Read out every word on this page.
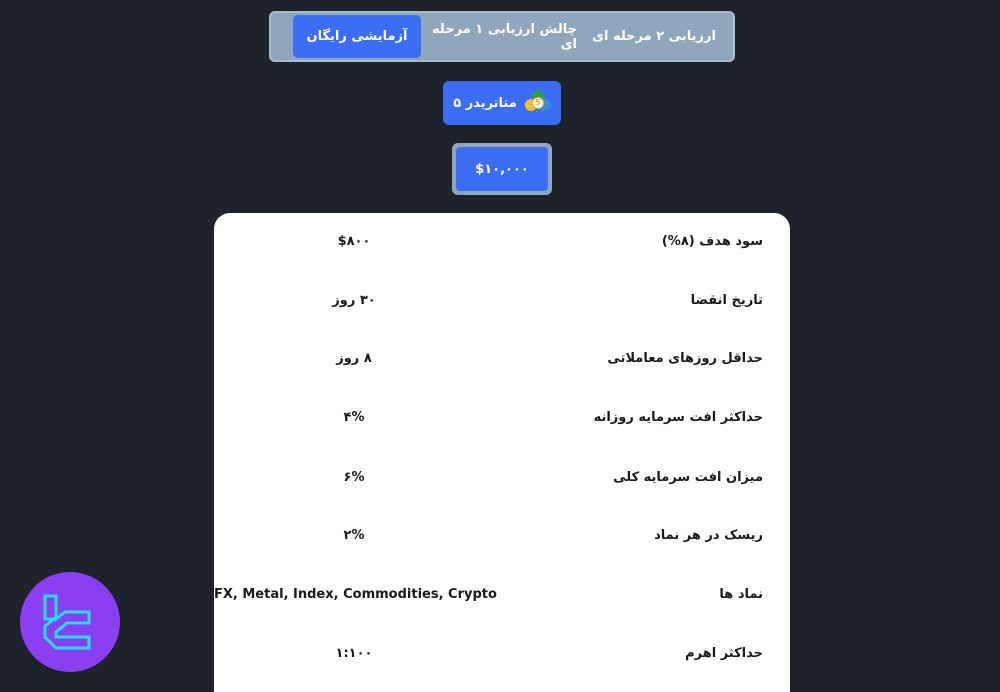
ارزیابی ۲ مرحله ای
چالش ارزیابی ۱ مرحله ای
آزمایشی رایگان
5
متاتریدر ۵
$۱۰,۰۰۰
سود هدف (۸%)
$۸۰۰
تاریخ انقضا
۳۰ روز
حداقل روزهای معاملاتی
۸ روز
حداکثر افت سرمایه روزانه
۴%
میزان افت سرمایه کلی
۶%
ریسک در هر نماد
۲%
نماد ها
FX, Metal, Index, Commodities, Crypto
حداکثر اهرم
۱:۱۰۰
